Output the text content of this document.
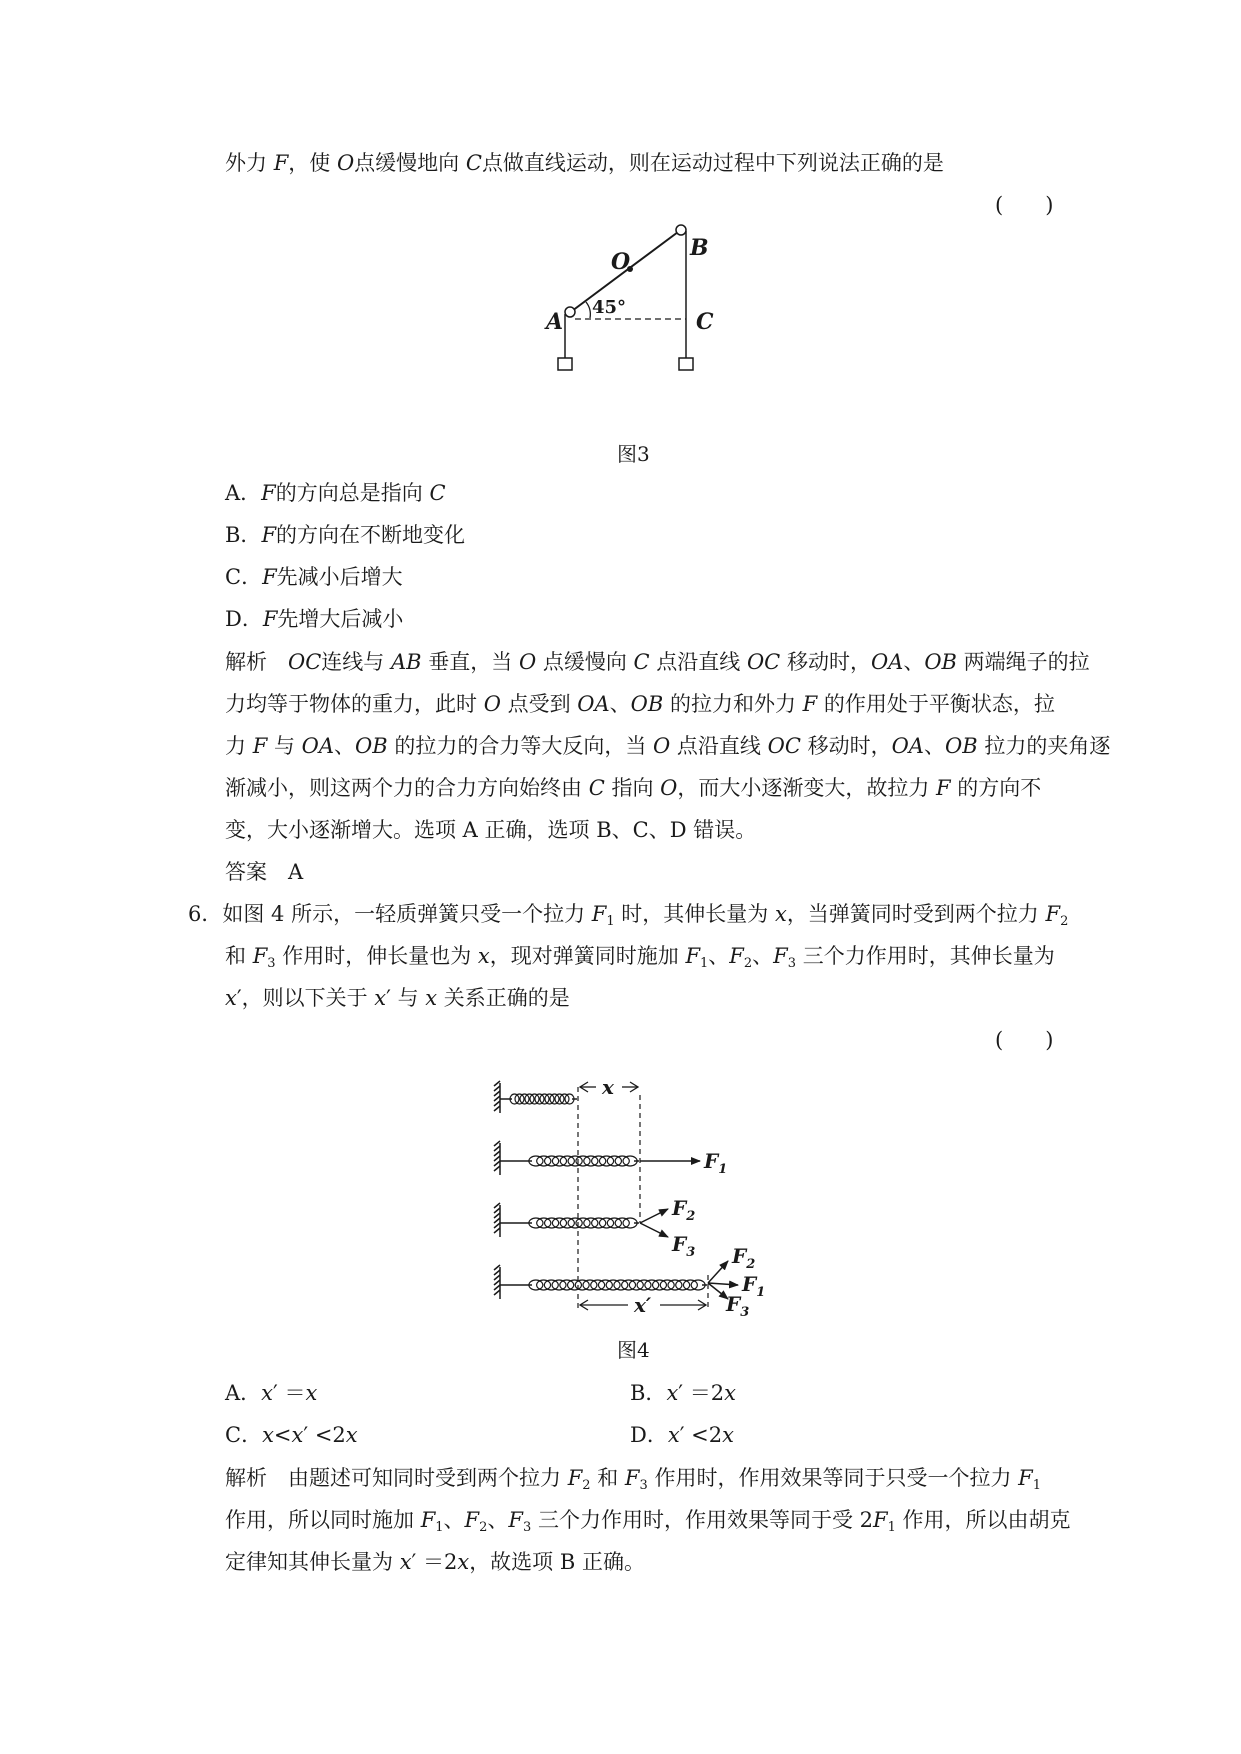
外力 F，使 O点缓慢地向 C点做直线运动，则在运动过程中下列说法正确的是
(　　)
B
O
A
45°
C
图3
A．F的方向总是指向 C
B．F的方向在不断地变化
C．F先减小后增大
D．F先增大后减小
解析　 OC连线与 AB 垂直，当 O 点缓慢向 C 点沿直线 OC 移动时，OA、OB 两端绳子的拉
力均等于物体的重力，此时 O 点受到 OA、OB 的拉力和外力 F 的作用处于平衡状态，拉
力 F 与 OA、OB 的拉力的合力等大反向，当 O 点沿直线 OC 移动时，OA、OB 拉力的夹角逐
渐减小，则这两个力的合力方向始终由 C 指向 O，而大小逐渐变大，故拉力 F 的方向不
变，大小逐渐增大。选项 A 正确，选项 B、C、D 错误。
答案　A
6．如图 4 所示，一轻质弹簧只受一个拉力 $F_1$ 时，其伸长量为 x，当弹簧同时受到两个拉力 $F_2$
和 $F_3$ 作用时，伸长量也为 x，现对弹簧同时施加 $F_1$、$F_2$、$F_3$ 三个力作用时，其伸长量为
x′，则以下关于 x′ 与 x 关系正确的是
(　　)
x
x′
$F_1$
$F_2$
$F_3$ $F_2$
$F_1$
$F_3$
图4
A．x′ ＝x	B．x′ ＝2x
C．x<x′ <2x	D．x′ <2x
解析　由题述可知同时受到两个拉力 $F_2$ 和 $F_3$ 作用时，作用效果等同于只受一个拉力 $F_1$
作用，所以同时施加 $F_1$、$F_2$、$F_3$ 三个力作用时，作用效果等同于受 $2F_1$ 作用，所以由胡克
定律知其伸长量为 x′ ＝2x，故选项 B 正确。
